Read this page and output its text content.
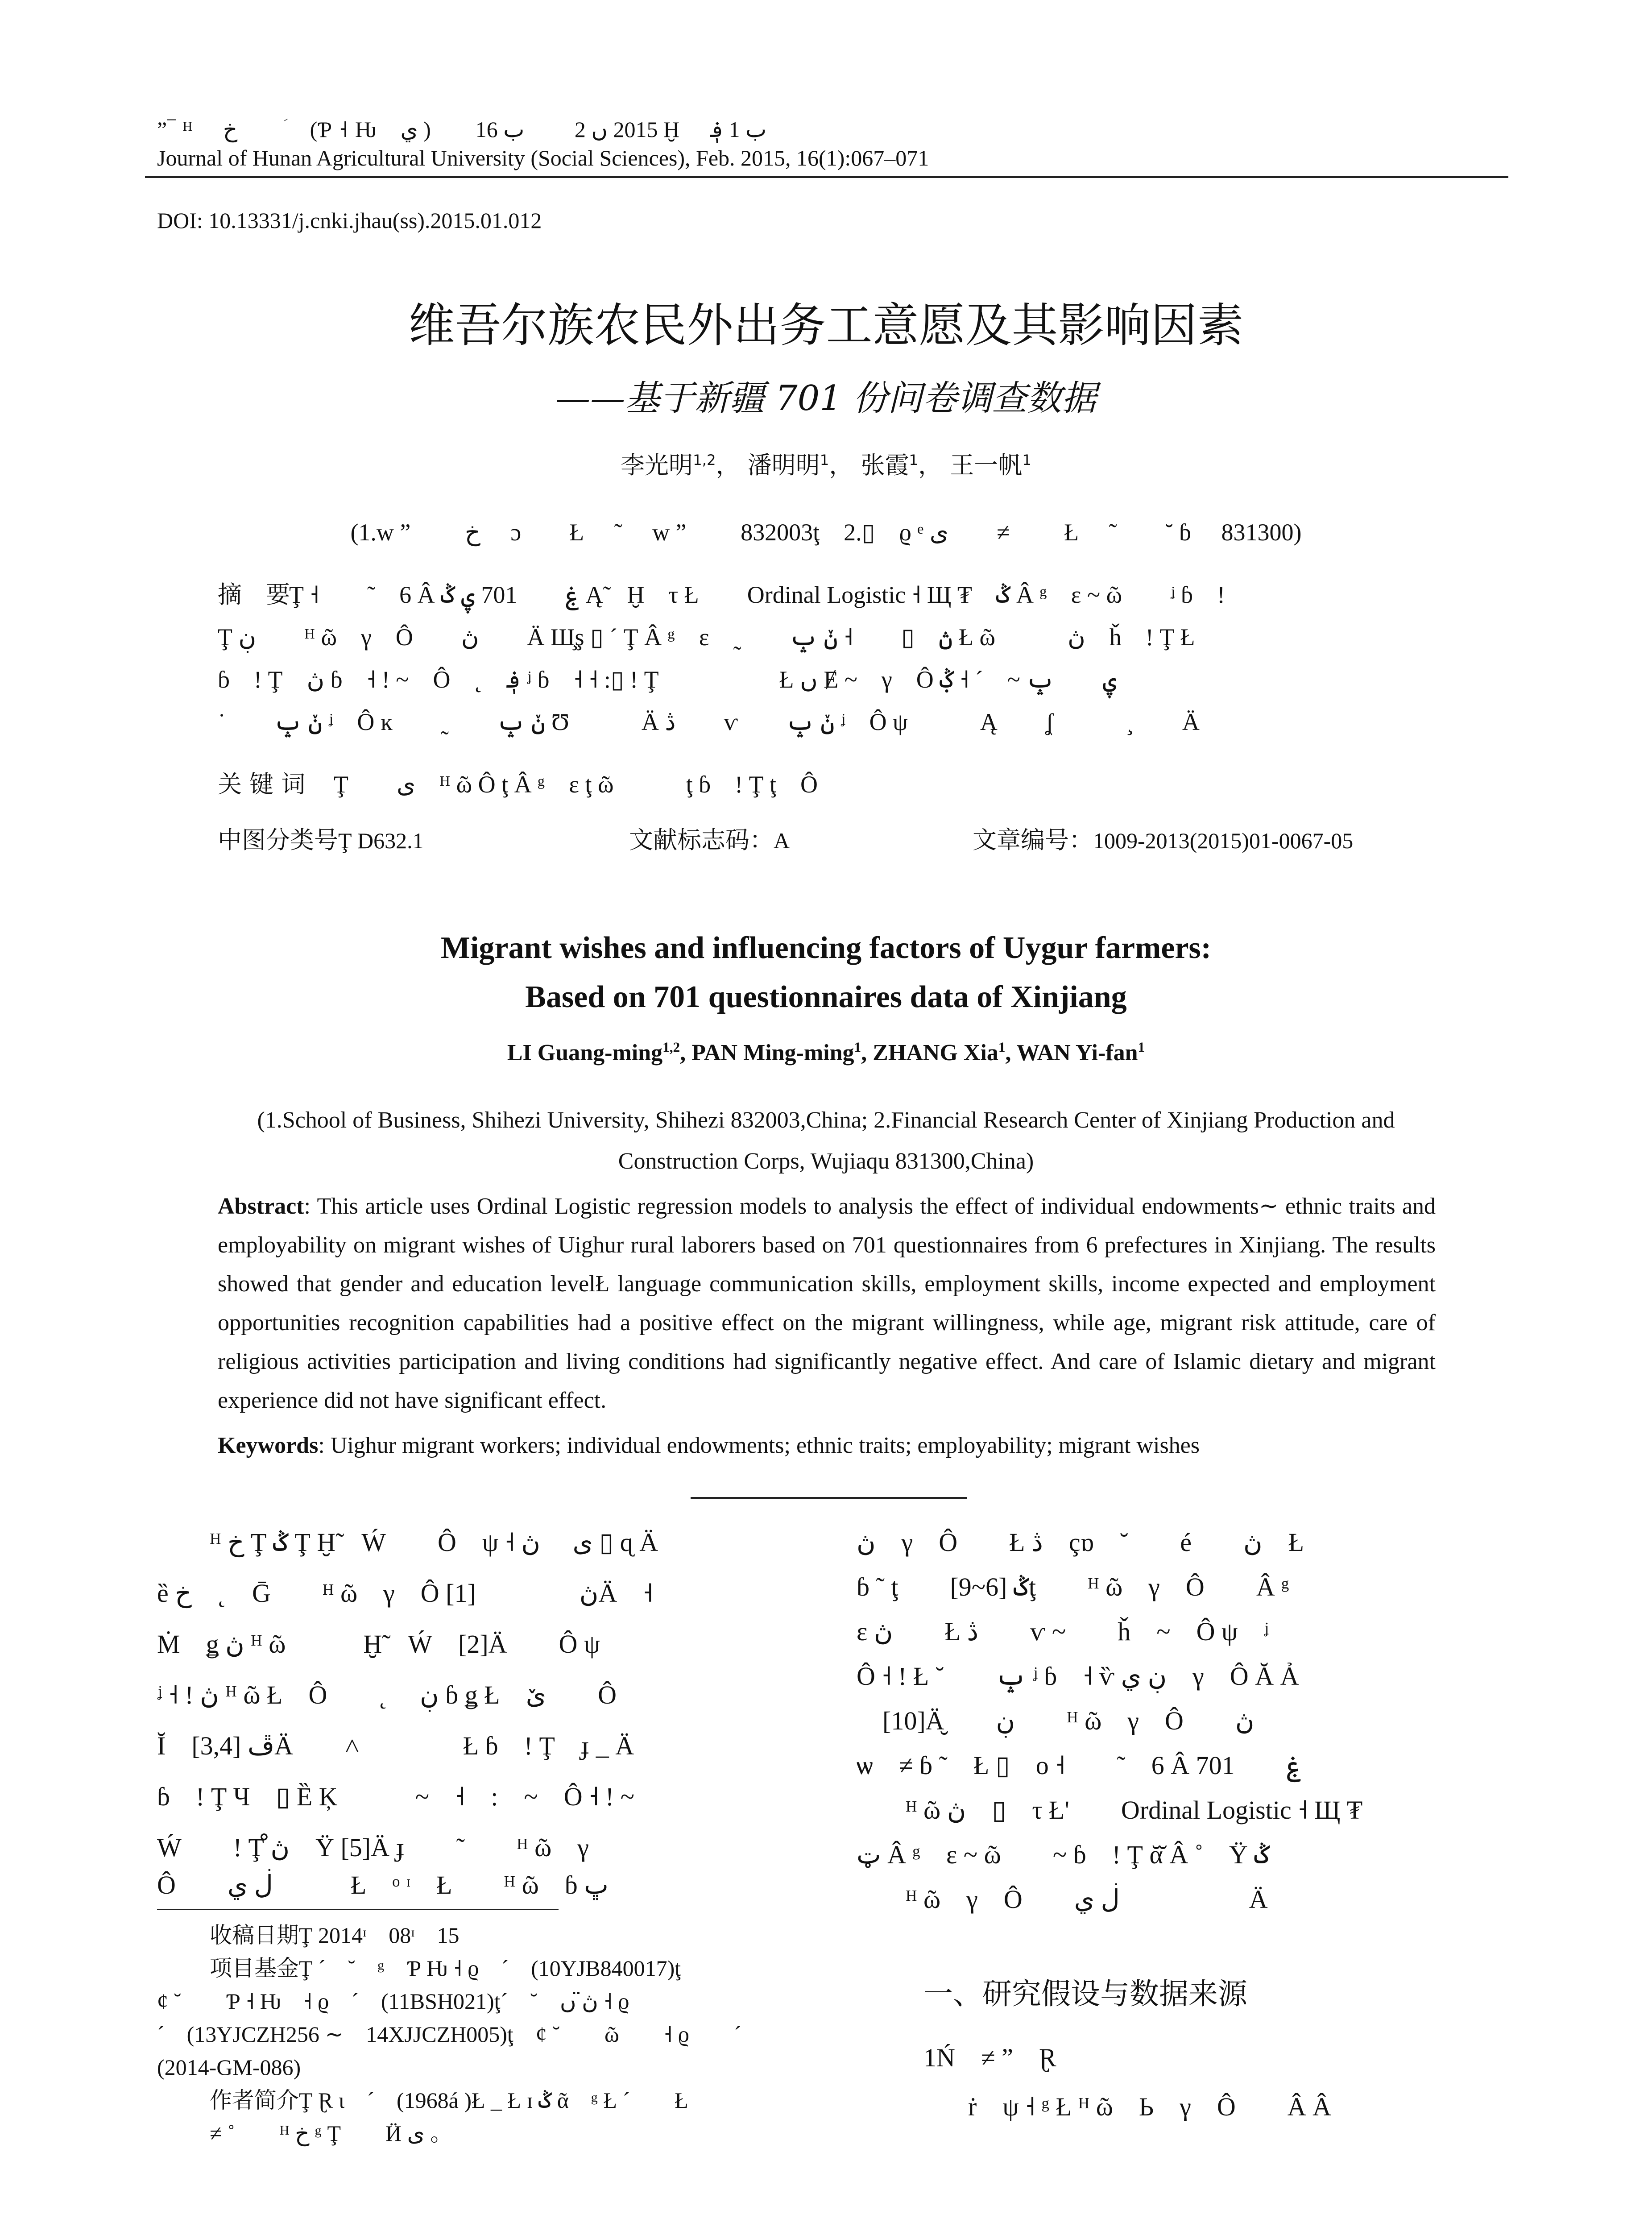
”‾ ᴴ　 خ　　 ؘ　(Ƥ ˧ Ƕ　ي )　　2015 ں 2　　 ب 16 Ḫ　 ب 1 ؋
Journal of Hunan Agricultural University (Social Sciences), Feb. 2015, 16(1):067–071
DOI: 10.13331/j.cnki.jhau(ss).2015.01.012
维吾尔族农民外出务工意愿及其影响因素
——基于新疆 701 份问卷调查数据
李光明$^{1,2}$， 潘明明$^1$， 张霞$^1$， 王一帆$^1$
(1.w ”　　 خ　 ɔ　　Ł　 ˜　 w ”　　 832003ţ　2.▯　ϱ ᵉ ى　　≠　　 Ł　 ˜　　˘ ɓ　 831300)
摘　要
Ţ ˧　　˜　6 Â ۼ　　701 ۑ ݣ Ą̃　Ḫ　τ Ł　　Ordinal Logistic ˧ Щ ₮　ݣ Â ᵍ　ɛ ~ ῶ　　ᶨ ɓ　!
Ţ ڹ　　ᴴ ῶ　γ　Ô　　ڽ　　Ä Ш̧ş ▯ ´ Ţ Â ᵍ　ɛ　˷　　ڽ　▯　　˧ ݩ ݒ Ł ῶ　　　ڽ　ȟ　! Ţ Ł
ɓ　! Ţ　ڽ ɓ　˧ ! ~　Ô　˛　؋ ᶨ ɓ　˧ ˧ :▯ ! Ţ　　　　　Ł ں Ɇ ~　γ　Ô ۑ　　ݒ ~　´ ˧ ݣ̣
˙　　ݩ ݒ ᶨ　Ô ĸ　　˷　　ݩ ݒ Ʊ　　　Ä ڎ　　ѵ　　ݩ ݒ ᶨ　Ô ψ　　　Ą　　ʆ　　　¸　　Ä
关 键 词 Ţ　　ى　ᴴ ῶ Ô ţ Â ᵍ　ɛ ţ ῶ　　　ţ ɓ　! Ţ ţ　Ô
中图分类号Ţ D632.1	文献标志码：A	文章编号：1009-2013(2015)01-0067-05
Migrant wishes and influencing factors of Uygur farmers:
Based on 701 questionnaires data of Xinjiang
LI Guang-ming$^{1,2}$, PAN Ming-ming$^1$, ZHANG Xia$^1$, WAN Yi-fan$^1$
(1.School of Business, Shihezi University, Shihezi 832003,China; 2.Financial Research Center of Xinjiang Production and Construction Corps, Wujiaqu 831300,China)
Abstract: This article uses Ordinal Logistic regression models to analysis the effect of individual endowments∼ ethnic traits and employability on migrant wishes of Uighur rural laborers based on 701 questionnaires from 6 prefectures in Xinjiang. The results showed that gender and education levelŁ language communication skills, employment skills, income expected and employment opportunities recognition capabilities had a positive effect on the migrant willingness, while age, migrant risk attitude, care of　religious activities participation and living conditions had significantly negative effect. And care of Islamic dietary and migrant experience did not have significant effect.
Keywords: Uighur migrant workers; individual endowments; ethnic traits; employability; migrant wishes
ᴴ خ Ţ ݣ Ţ Ḫ̃　Ẃ　　Ô　ψ ˧ ى　 ڽ ▯ ɋ Ä
ȅ خ　˛　Ḡ　　ᴴ ῶ　γ　Ô ڽ　　　　[1]Ä　˧
Ṁ　ǥ ڽ ᴴ ῶ　　　Ḫ̃　Ẃ　[2]Ä　　Ô ψ
ᶨ ˧ ! ڽ ᴴ ῶ Ł　Ô　　˛　 ڹ ɓ ǥ Ł　ێ　　Ô
Ĭ　ڦ [3,4]Ä　　˄　　　　Ł ɓ　! Ţ　ɟ _ Ä
ɓ　! Ţ Ч　▯ Ȅ Ķ　　　~　˧　:　~　Ô ˧ ! ~
Ẃ　　! Ţ ڽ̊　Ÿ [5]Ä ɟ　　˜　　ᴴ ῶ　γ
Ô　　ڶ ي　　　Ł　ᵒ ᶦ　Ł　　ᴴ ῶ　ɓ ڀ
ڽ　γ　Ô　　Ł ڎ　çɒ　˘　　é　　ڽ　Ł
ɓ ˜ ţ　　ݣ [6~9]ţ　　ᴴ ῶ　γ　Ô　　Â ᵍ
ɛ ڽ　　Ł ڎ　　ѵ ~　　ȟ　~　Ô ψ　ᶨ
Ô ˧ ! Ł ˘　　ݒ ᶨ ɓ　˧ ѷ ڹ ي　γ　Ô Ă Ả
　[10]Ä̮　　ڹ　　ᴴ ῶ　γ　Ô　　ڽ
ѡ　≠ ɓ ˜　Ł ▯　o ˧　　˜　6 Â ۼ　　701
ᴴ ῶ ڽ　▯　τ Ł'　　Ordinal Logistic ˧ Щ ₮
ټ Â ᵍ　ɛ ~ ῶ　　~ ɓ　! Ţ ᾰ̆ Â ˚　Ÿ ݣ
ᴴ ῶ　γ　Ô　　ڶ ي　　　　　Ä
收稿日期Ţ 2014ᶦ　08ᶦ　15
项目基金Ţ ´　˘　ᵍ　Ƥ Ƕ ˧ ϱ　´　(10YJB840017)ţ
ȼ ˘　　Ƥ ˧ Ƕ　˧ ϱ　´　(11BSH021)ţ´　˘　ڽ̈ ں ˧ ϱ
´　(13YJCZH256 ∼　14XJJCZH005)ţ　ȼ ˘　　ῶ　　˧ ϱ　　´
(2014-GM-086)
作者简介Ţ Ɽ ɩ　´　(1968á )Ł _ Ł ɪ ݣ ᾶ　ᵍ Ł ´　　Ł
≠ ˚　　ᴴ خ ᵍ Ţ　　Ӥ ى 。
一、研究假设与数据来源
1Ń　≠ ”　Ɽ
ṙ　ψ ˧ ᵍ Ł ᴴ ῶ　Ь　γ　Ô　　Â Â
